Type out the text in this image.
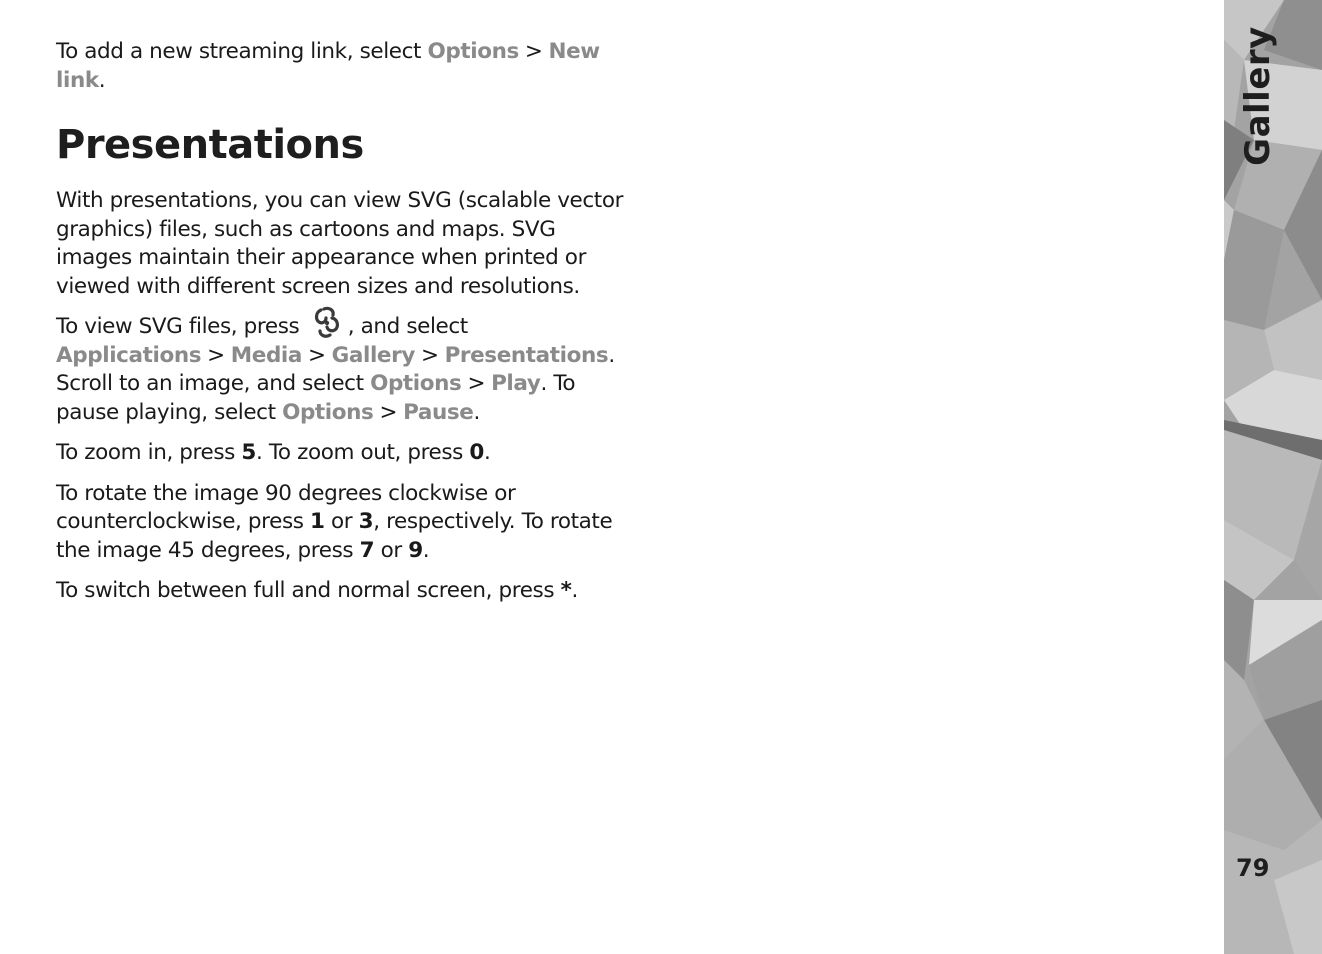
To add a new streaming link, select Options > New link.

Presentations

With presentations, you can view SVG (scalable vector graphics) files, such as cartoons and maps. SVG images maintain their appearance when printed or viewed with different screen sizes and resolutions.

To view SVG files, press , and select Applications > Media > Gallery > Presentations. Scroll to an image, and select Options > Play. To pause playing, select Options > Pause.

To zoom in, press 5. To zoom out, press 0.

To rotate the image 90 degrees clockwise or counterclockwise, press 1 or 3, respectively. To rotate the image 45 degrees, press 7 or 9.

To switch between full and normal screen, press *.

Gallery
79
